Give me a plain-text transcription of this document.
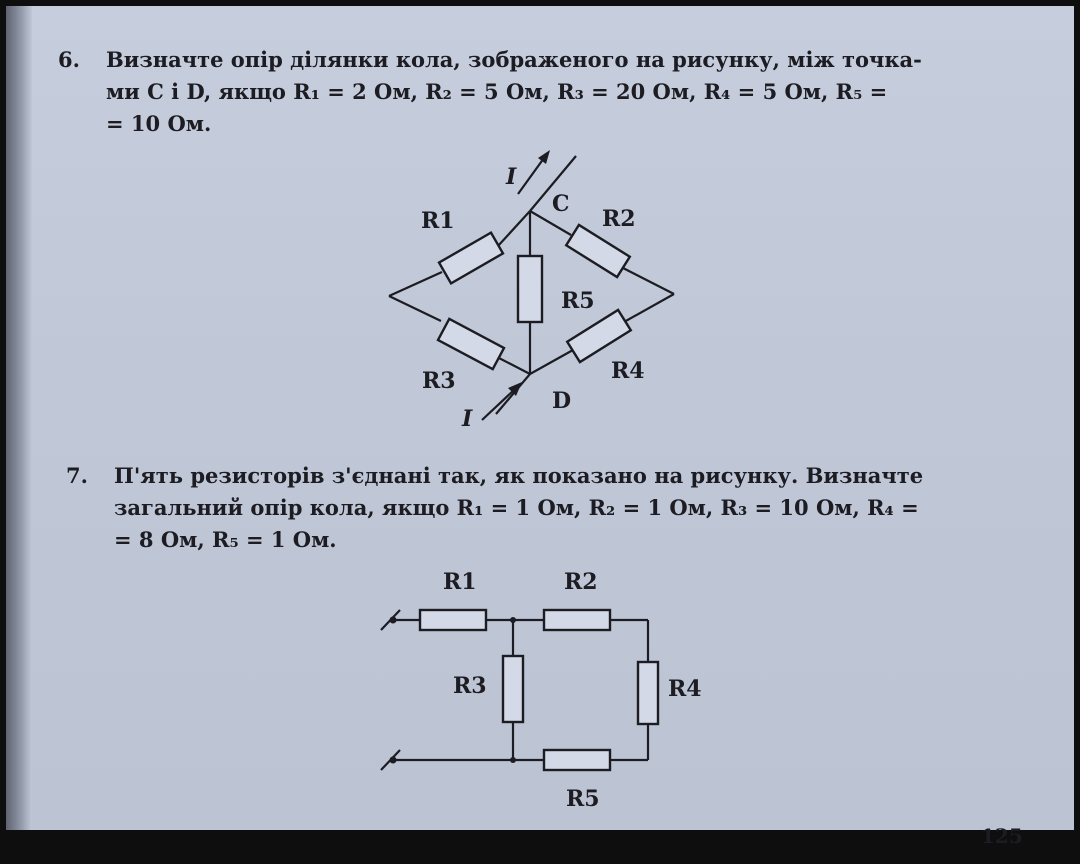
6. Визначте опір ділянки кола, зображеного на рисунку, між точка-
ми C і D, якщо R₁ = 2 Ом, R₂ = 5 Ом, R₃ = 20 Ом, R₄ = 5 Ом, R₅ =
= 10 Ом.
7. П'ять резисторів з'єднані так, як показано на рисунку. Визначте
загальний опір кола, якщо R₁ = 1 Ом, R₂ = 1 Ом, R₃ = 10 Ом, R₄ =
= 8 Ом, R₅ = 1 Ом.
R1	R2
R3	R4
R5
C
D
I
I
R1	R2
R3	R4
R5
125
